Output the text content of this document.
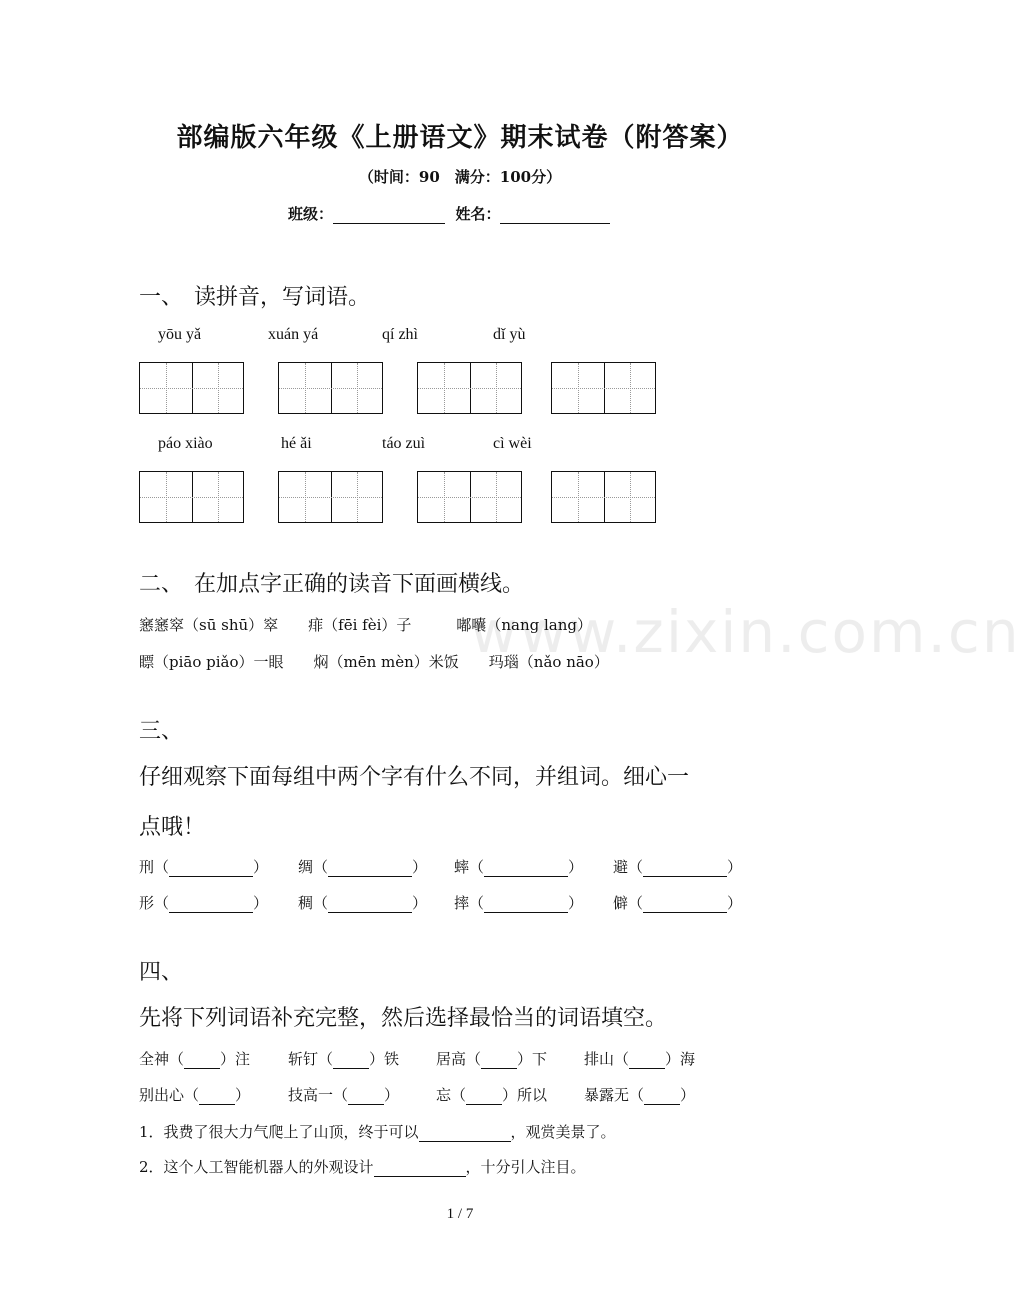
部编版六年级《上册语文》期末试卷（附答案）
（时间：90　满分：100分）
班级：	姓名：
www.zixin.com.cn
一、　读拼音，写词语。
yōu yǎ	xuán yá	qí zhì	dǐ yù
páo xiào	hé ǎi	táo zuì	cì wèi
二、　在加点字正确的读音下面画横线。
窸窸窣（sū shū）窣　　痱（fēi fèi）子　　　嘟囔（nang lang）
瞟（piāo piǎo）一眼　　焖（mēn mèn）米饭　　玛瑙（nǎo nāo）
三、
仔细观察下面每组中两个字有什么不同，并组词。细心一
点哦！
刑（	） 绸（	） 蟀（	） 避（	）
形（	） 稠（	） 摔（	） 僻（	）
四、
先将下列词语补充完整，然后选择最恰当的词语填空。
全神（ ）注	斩钉（ ）铁 居高（ ）下 排山（ ）海
别出心（ ）	技高一（ ） 忘（ ）所以 暴露无（ ）
1．我费了很大力气爬上了山顶，终于可以	，观赏美景了。
2．这个人工智能机器人的外观设计	，十分引人注目。
1 / 7
